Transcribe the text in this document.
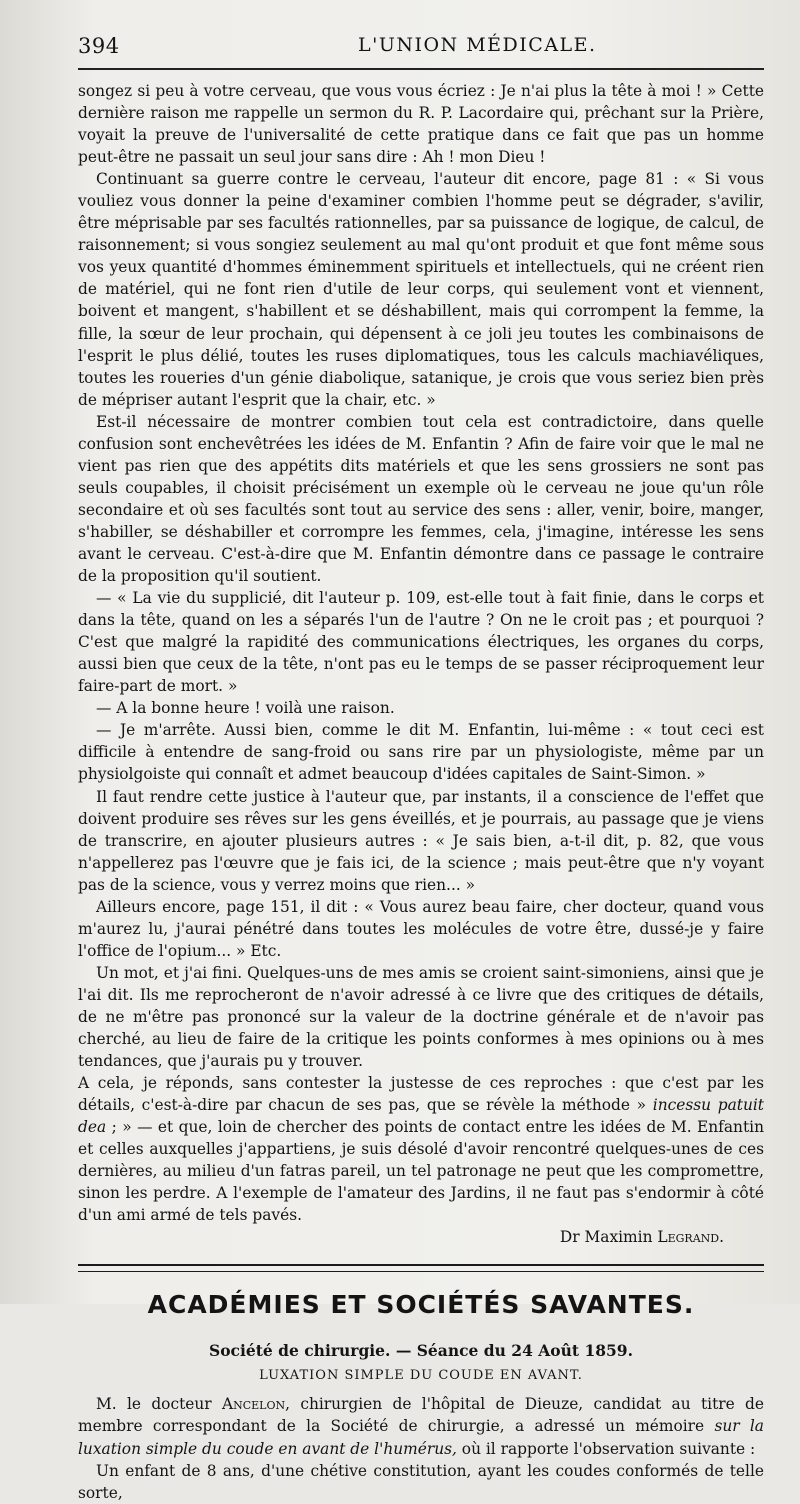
394	L'UNION MÉDICALE.

songez si peu à votre cerveau, que vous vous écriez : Je n'ai plus la tête à moi ! » Cette dernière raison me rappelle un sermon du R. P. Lacordaire qui, prêchant sur la Prière, voyait la preuve de l'universalité de cette pratique dans ce fait que pas un homme peut-être ne passait un seul jour sans dire : Ah ! mon Dieu !

Continuant sa guerre contre le cerveau, l'auteur dit encore, page 81 : « Si vous vouliez vous donner la peine d'examiner combien l'homme peut se dégrader, s'avilir, être méprisable par ses facultés rationnelles, par sa puissance de logique, de calcul, de raisonnement; si vous songiez seulement au mal qu'ont produit et que font même sous vos yeux quantité d'hommes éminemment spirituels et intellectuels, qui ne créent rien de matériel, qui ne font rien d'utile de leur corps, qui seulement vont et viennent, boivent et mangent, s'habillent et se déshabillent, mais qui corrompent la femme, la fille, la sœur de leur prochain, qui dépensent à ce joli jeu toutes les combinaisons de l'esprit le plus délié, toutes les ruses diplomatiques, tous les calculs machiavéliques, toutes les roueries d'un génie diabolique, satanique, je crois que vous seriez bien près de mépriser autant l'esprit que la chair, etc. »

Est-il nécessaire de montrer combien tout cela est contradictoire, dans quelle confusion sont enchevêtrées les idées de M. Enfantin ? Afin de faire voir que le mal ne vient pas rien que des appétits dits matériels et que les sens grossiers ne sont pas seuls coupables, il choisit précisément un exemple où le cerveau ne joue qu'un rôle secondaire et où ses facultés sont tout au service des sens : aller, venir, boire, manger, s'habiller, se déshabiller et corrompre les femmes, cela, j'imagine, intéresse les sens avant le cerveau. C'est-à-dire que M. Enfantin démontre dans ce passage le contraire de la proposition qu'il soutient.

— « La vie du supplicié, dit l'auteur p. 109, est-elle tout à fait finie, dans le corps et dans la tête, quand on les a séparés l'un de l'autre ? On ne le croit pas ; et pourquoi ? C'est que malgré la rapidité des communications électriques, les organes du corps, aussi bien que ceux de la tête, n'ont pas eu le temps de se passer réciproquement leur faire-part de mort. »

— A la bonne heure ! voilà une raison.

— Je m'arrête. Aussi bien, comme le dit M. Enfantin, lui-même : « tout ceci est difficile à entendre de sang-froid ou sans rire par un physiologiste, même par un physiolgoiste qui connaît et admet beaucoup d'idées capitales de Saint-Simon. »

Il faut rendre cette justice à l'auteur que, par instants, il a conscience de l'effet que doivent produire ses rêves sur les gens éveillés, et je pourrais, au passage que je viens de transcrire, en ajouter plusieurs autres : « Je sais bien, a-t-il dit, p. 82, que vous n'appellerez pas l'œuvre que je fais ici, de la science ; mais peut-être que n'y voyant pas de la science, vous y verrez moins que rien... »

Ailleurs encore, page 151, il dit : « Vous aurez beau faire, cher docteur, quand vous m'aurez lu, j'aurai pénétré dans toutes les molécules de votre être, dussé-je y faire l'office de l'opium... » Etc.

Un mot, et j'ai fini. Quelques-uns de mes amis se croient saint-simoniens, ainsi que je l'ai dit. Ils me reprocheront de n'avoir adressé à ce livre que des critiques de détails, de ne m'être pas prononcé sur la valeur de la doctrine générale et de n'avoir pas cherché, au lieu de faire de la critique les points conformes à mes opinions ou à mes tendances, que j'aurais pu y trouver.

A cela, je réponds, sans contester la justesse de ces reproches : que c'est par les détails, c'est-à-dire par chacun de ses pas, que se révèle la méthode » incessu patuit dea ; » — et que, loin de chercher des points de contact entre les idées de M. Enfantin et celles auxquelles j'appartiens, je suis désolé d'avoir rencontré quelques-unes de ces dernières, au milieu d'un fatras pareil, un tel patronage ne peut que les compromettre, sinon les perdre. A l'exemple de l'amateur des Jardins, il ne faut pas s'endormir à côté d'un ami armé de tels pavés.

Dr Maximin Legrand.
ACADÉMIES ET SOCIÉTÉS SAVANTES.
Société de chirurgie. — Séance du 24 Août 1859.
LUXATION SIMPLE DU COUDE EN AVANT.

M. le docteur Ancelon, chirurgien de l'hôpital de Dieuze, candidat au titre de membre correspondant de la Société de chirurgie, a adressé un mémoire sur la luxation simple du coude en avant de l'humérus, où il rapporte l'observation suivante :

Un enfant de 8 ans, d'une chétive constitution, ayant les coudes conformés de telle sorte,
